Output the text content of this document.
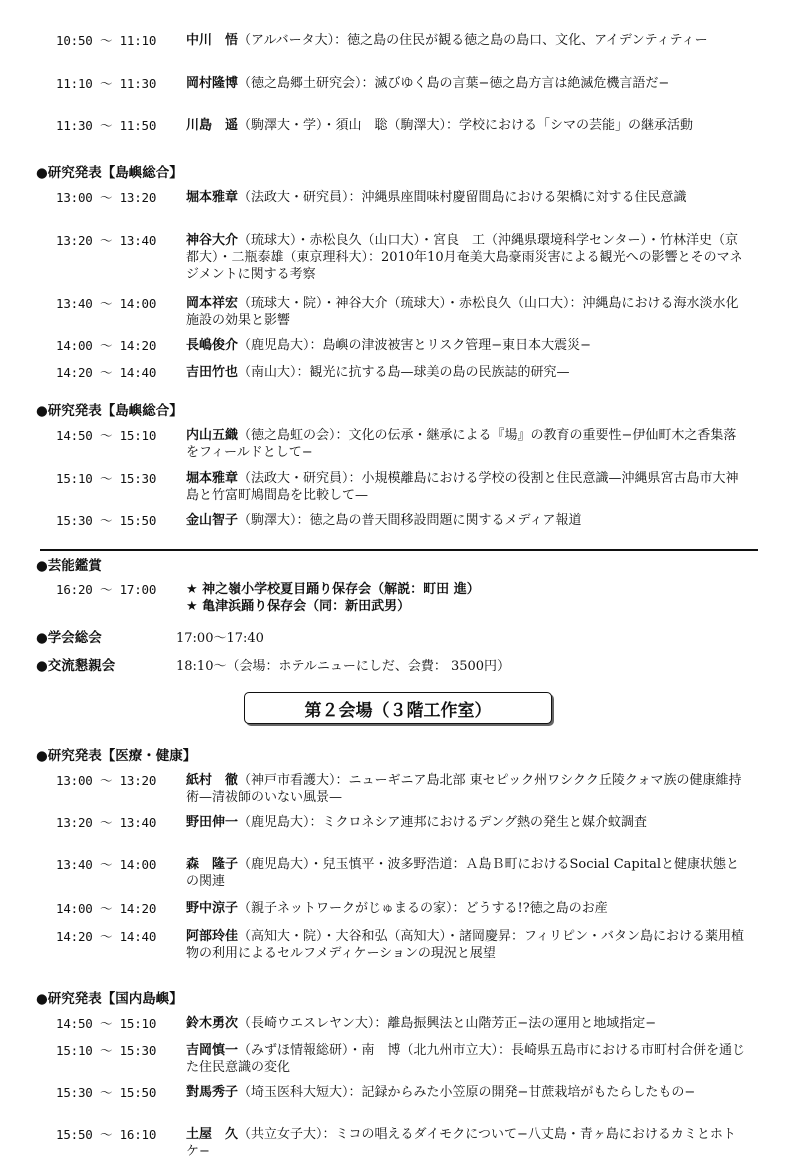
10:50 ～ 11:10	中川　悟（アルバータ大）：徳之島の住民が観る徳之島の島口、文化、アイデンティティー
11:10 ～ 11:30	岡村隆博（徳之島郷土研究会）：滅びゆく島の言葉−徳之島方言は絶滅危機言語だ−
11:30 ～ 11:50	川島　遥（駒澤大・学）・須山　聡（駒澤大）：学校における「シマの芸能」の継承活動
●研究発表【島嶼総合】
13:00 ～ 13:20	堀本雅章（法政大・研究員）：沖縄県座間味村慶留間島における架橋に対する住民意識
13:20 ～ 13:40	神谷大介（琉球大）・赤松良久（山口大）・宮良　工（沖縄県環境科学センター）・竹林洋史（京都大）・二瓶泰雄（東京理科大）：2010年10月奄美大島豪雨災害による観光への影響とそのマネジメントに関する考察
13:40 ～ 14:00	岡本祥宏（琉球大・院）・神谷大介（琉球大）・赤松良久（山口大）：沖縄島における海水淡水化施設の効果と影響
14:00 ～ 14:20	長嶋俊介（鹿児島大）：島嶼の津波被害とリスク管理−東日本大震災−
14:20 ～ 14:40	吉田竹也（南山大）：観光に抗する島—球美の島の民族誌的研究—
●研究発表【島嶼総合】
14:50 ～ 15:10	内山五織（徳之島虹の会）：文化の伝承・継承による『場』の教育の重要性−伊仙町木之香集落をフィールドとして−
15:10 ～ 15:30	堀本雅章（法政大・研究員）：小規模離島における学校の役割と住民意識—沖縄県宮古島市大神島と竹富町鳩間島を比較して—
15:30 ～ 15:50	金山智子（駒澤大）：徳之島の普天間移設問題に関するメディア報道
●芸能鑑賞
16:20 ～ 17:00	★ 神之嶺小学校夏目踊り保存会（解説：町田 進）
★ 亀津浜踊り保存会（同：新田武男）
●学会総会	17:00〜17:40
●交流懇親会	18:10〜（会場：ホテルニューにしだ、会費： 3500円）
第２会場（３階工作室）
●研究発表【医療・健康】
13:00 ～ 13:20	紙村　徹（神戸市看護大）：ニューギニア島北部 東セピック州ワシクク丘陵クォマ族の健康維持術—清祓師のいない風景—
13:20 ～ 13:40	野田伸一（鹿児島大）：ミクロネシア連邦におけるデング熱の発生と媒介蚊調査
13:40 ～ 14:00	森　隆子（鹿児島大）・兒玉慎平・波多野浩道：Ａ島Ｂ町におけるSocial Capitalと健康状態との関連
14:00 ～ 14:20	野中涼子（親子ネットワークがじゅまるの家）：どうする!?徳之島のお産
14:20 ～ 14:40	阿部玲佳（高知大・院）・大谷和弘（高知大）・諸岡慶昇：フィリピン・バタン島における薬用植物の利用によるセルフメディケーションの現況と展望
●研究発表【国内島嶼】
14:50 ～ 15:10	鈴木勇次（長崎ウエスレヤン大）：離島振興法と山階芳正−法の運用と地域指定−
15:10 ～ 15:30	吉岡慎一（みずほ情報総研）・南　博（北九州市立大）：長崎県五島市における市町村合併を通じた住民意識の変化
15:30 ～ 15:50	對馬秀子（埼玉医科大短大）：記録からみた小笠原の開発−甘蔗栽培がもたらしたもの−
15:50 ～ 16:10	土屋　久（共立女子大）：ミコの唱えるダイモクについて−八丈島・青ヶ島におけるカミとホトケ−
